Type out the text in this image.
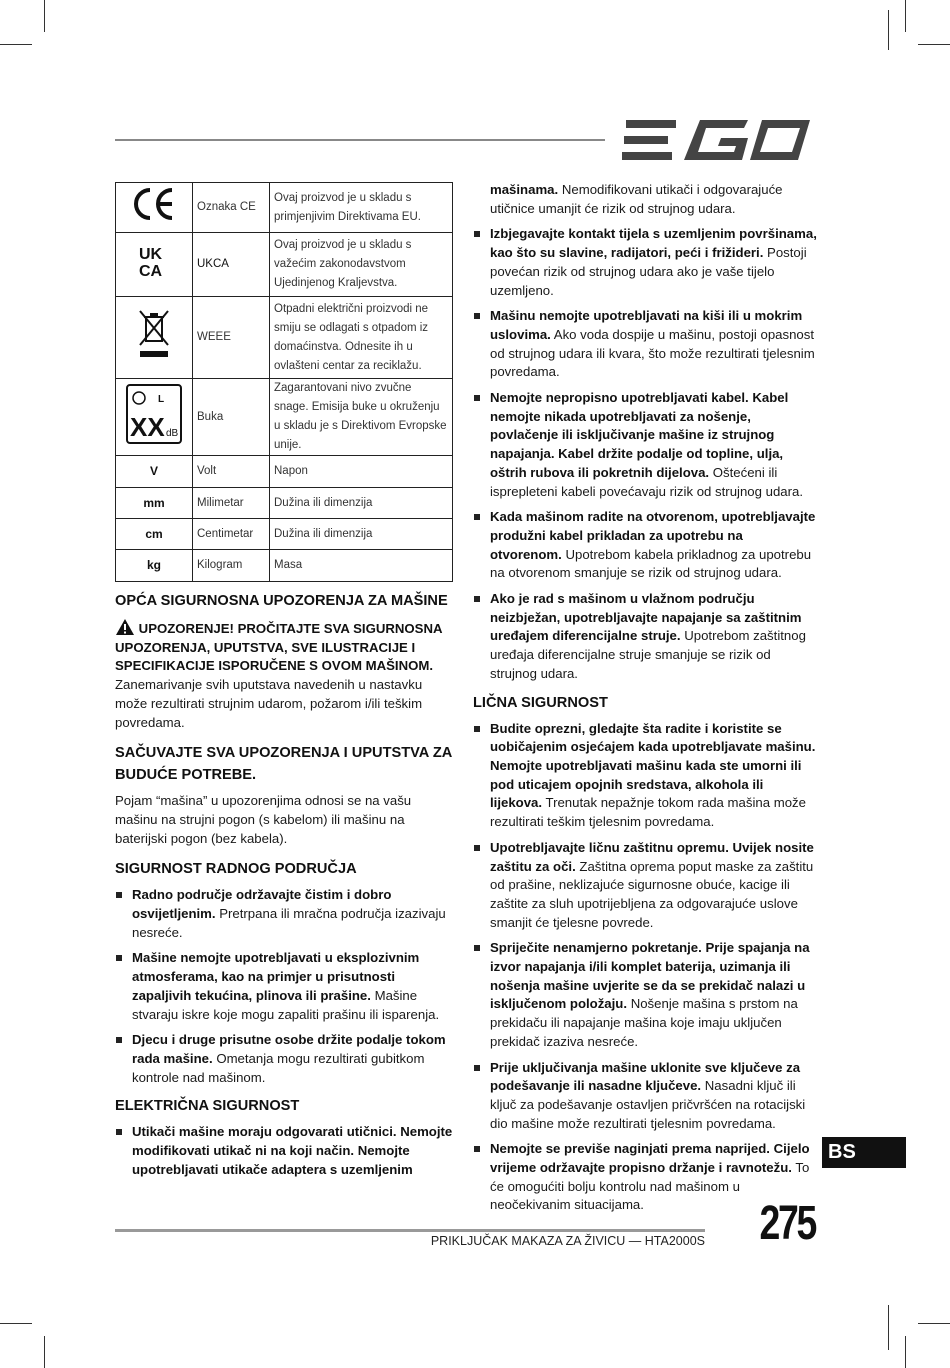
	Oznaka CE	Ovaj proizvod je u skladu s primjenjivim Direktivama EU.

UK
CA	UKCA	Ovaj proizvod je u skladu s važećim zakonodavstvom Ujedinjenog Kraljevstva.
	WEEE	Otpadni električni proizvodi ne smiju se odlagati s otpadom iz domaćinstva. Odnesite ih u ovlašteni centar za reciklažu.

L
XX dB	Buka	Zagarantovani nivo zvučne snage. Emisija buke u okruženju u skladu je s Direktivom Evropske unije.
V	Volt	Napon
mm	Milimetar	Dužina ili dimenzija
cm	Centimetar	Dužina ili dimenzija
kg	Kilogram	Masa
OPĆA SIGURNOSNA UPOZORENJA ZA MAŠINE

UPOZORENJE! PROČITAJTE SVA SIGURNOSNA UPOZORENJA, UPUTSTVA, SVE ILUSTRACIJE I SPECIFIKACIJE ISPORUČENE S OVOM MAŠINOM. Zanemarivanje svih uputstava navedenih u nastavku može rezultirati strujnim udarom, požarom i/ili teškim povredama.

SAČUVAJTE SVA UPOZORENJA I UPUTSTVA ZA BUDUĆE POTREBE.

Pojam “mašina” u upozorenjima odnosi se na vašu mašinu na strujni pogon (s kabelom) ili mašinu na baterijski pogon (bez kabela).

SIGURNOST RADNOG PODRUČJA
Radno područje održavajte čistim i dobro osvijetljenim. Pretrpana ili mračna područja izazivaju nesreće.
Mašine nemojte upotrebljavati u eksplozivnim atmosferama, kao na primjer u prisutnosti zapaljivih tekućina, plinova ili prašine. Mašine stvaraju iskre koje mogu zapaliti prašinu ili isparenja.
Djecu i druge prisutne osobe držite podalje tokom rada mašine. Ometanja mogu rezultirati gubitkom kontrole nad mašinom.
ELEKTRIČNA SIGURNOST
Utikači mašine moraju odgovarati utičnici. Nemojte modifikovati utikač ni na koji način. Nemojte upotrebljavati utikače adaptera s uzemljenim
mašinama. Nemodifikovani utikači i odgovarajuće utičnice umanjit će rizik od strujnog udara.
Izbjegavajte kontakt tijela s uzemljenim površinama, kao što su slavine, radijatori, peći i frižideri. Postoji povećan rizik od strujnog udara ako je vaše tijelo uzemljeno.
Mašinu nemojte upotrebljavati na kiši ili u mokrim uslovima. Ako voda dospije u mašinu, postoji opasnost od strujnog udara ili kvara, što može rezultirati tjelesnim povredama.
Nemojte nepropisno upotrebljavati kabel. Kabel nemojte nikada upotrebljavati za nošenje, povlačenje ili isključivanje mašine iz strujnog napajanja. Kabel držite podalje od topline, ulja, oštrih rubova ili pokretnih dijelova. Oštećeni ili isprepleteni kabeli povećavaju rizik od strujnog udara.
Kada mašinom radite na otvorenom, upotrebljavajte produžni kabel prikladan za upotrebu na otvorenom. Upotrebom kabela prikladnog za upotrebu na otvorenom smanjuje se rizik od strujnog udara.
Ako je rad s mašinom u vlažnom području neizbježan, upotrebljavajte napajanje sa zaštitnim uređajem diferencijalne struje. Upotrebom zaštitnog uređaja diferencijalne struje smanjuje se rizik od strujnog udara.
LIČNA SIGURNOST
Budite oprezni, gledajte šta radite i koristite se uobičajenim osjećajem kada upotrebljavate mašinu. Nemojte upotrebljavati mašinu kada ste umorni ili pod uticajem opojnih sredstava, alkohola ili lijekova. Trenutak nepažnje tokom rada mašina može rezultirati teškim tjelesnim povredama.
Upotrebljavajte ličnu zaštitnu opremu. Uvijek nosite zaštitu za oči. Zaštitna oprema poput maske za zaštitu od prašine, neklizajuće sigurnosne obuće, kacige ili zaštite za sluh upotrijebljena za odgovarajuće uslove smanjit će tjelesne povrede.
Spriječite nenamjerno pokretanje. Prije spajanja na izvor napajanja i/ili komplet baterija, uzimanja ili nošenja mašine uvjerite se da se prekidač nalazi u isključenom položaju. Nošenje mašina s prstom na prekidaču ili napajanje mašina koje imaju uključen prekidač izaziva nesreće.
Prije uključivanja mašine uklonite sve ključeve za podešavanje ili nasadne ključeve. Nasadni ključ ili ključ za podešavanje ostavljen pričvršćen na rotacijski dio mašine može rezultirati tjelesnim povredama.
Nemojte se previše naginjati prema naprijed. Cijelo vrijeme održavajte propisno držanje i ravnotežu. To će omogućiti bolju kontrolu nad mašinom u neočekivanim situacijama.
BS
PRIKLJUČAK MAKAZA ZA ŽIVICU — HTA2000S 275
